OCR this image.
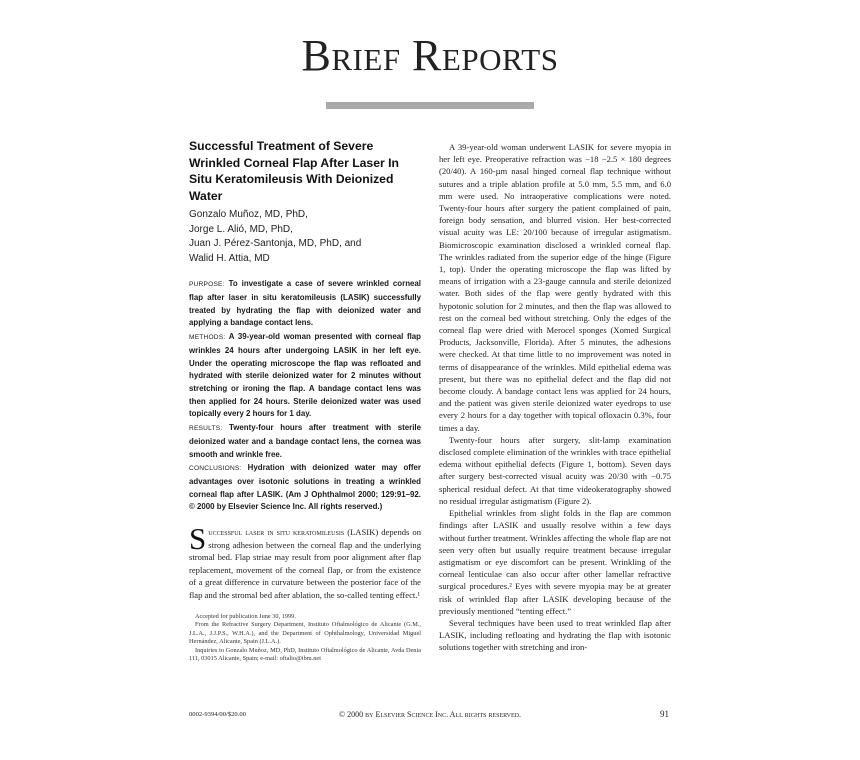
Brief Reports
Successful Treatment of Severe Wrinkled Corneal Flap After Laser In Situ Keratomileusis With Deionized Water
Gonzalo Muñoz, MD, PhD,
Jorge L. Alió, MD, PhD,
Juan J. Pérez-Santonja, MD, PhD, and
Walid H. Attia, MD

PURPOSE: To investigate a case of severe wrinkled corneal flap after laser in situ keratomileusis (LASIK) successfully treated by hydrating the flap with deionized water and applying a bandage contact lens.

METHODS: A 39-year-old woman presented with corneal flap wrinkles 24 hours after undergoing LASIK in her left eye. Under the operating microscope the flap was refloated and hydrated with sterile deionized water for 2 minutes without stretching or ironing the flap. A bandage contact lens was then applied for 24 hours. Sterile deionized water was used topically every 2 hours for 1 day.

RESULTS: Twenty-four hours after treatment with sterile deionized water and a bandage contact lens, the cornea was smooth and wrinkle free.

CONCLUSIONS: Hydration with deionized water may offer advantages over isotonic solutions in treating a wrinkled corneal flap after LASIK. (Am J Ophthalmol 2000; 129:91–92. © 2000 by Elsevier Science Inc. All rights reserved.)

Successful laser in situ keratomileusis (LASIK) depends on strong adhesion between the corneal flap and the underlying stromal bed. Flap striae may result from poor alignment after flap replacement, movement of the corneal flap, or from the existence of a great difference in curvature between the posterior face of the flap and the stromal bed after ablation, the so-called tenting effect.¹

Accepted for publication June 30, 1999.

From the Refractive Surgery Department, Instituto Oftalmológico de Alicante (G.M., J.L.A., J.J.P.S., W.H.A.), and the Department of Ophthalmology, Universidad Miguel Hernández, Alicante, Spain (J.L.A.).

Inquiries to Gonzalo Muñoz, MD, PhD, Instituto Oftalmológico de Alicante, Avda Denia 111, 03015 Alicante, Spain; e-mail: oftalio@ibm.net

A 39-year-old woman underwent LASIK for severe myopia in her left eye. Preoperative refraction was −18 −2.5 × 180 degrees (20/40). A 160-µm nasal hinged corneal flap technique without sutures and a triple ablation profile at 5.0 mm, 5.5 mm, and 6.0 mm were used. No intraoperative complications were noted. Twenty-four hours after surgery the patient complained of pain, foreign body sensation, and blurred vision. Her best-corrected visual acuity was LE: 20/100 because of irregular astigmatism. Biomicroscopic examination disclosed a wrinkled corneal flap. The wrinkles radiated from the superior edge of the hinge (Figure 1, top). Under the operating microscope the flap was lifted by means of irrigation with a 23-gauge cannula and sterile deionized water. Both sides of the flap were gently hydrated with this hypotonic solution for 2 minutes, and then the flap was allowed to rest on the corneal bed without stretching. Only the edges of the corneal flap were dried with Merocel sponges (Xomed Surgical Products, Jacksonville, Florida). After 5 minutes, the adhesions were checked. At that time little to no improvement was noted in terms of disappearance of the wrinkles. Mild epithelial edema was present, but there was no epithelial defect and the flap did not become cloudy. A bandage contact lens was applied for 24 hours, and the patient was given sterile deionized water eyedrops to use every 2 hours for a day together with topical ofloxacin 0.3%, four times a day.

Twenty-four hours after surgery, slit-lamp examination disclosed complete elimination of the wrinkles with trace epithelial edema without epithelial defects (Figure 1, bottom). Seven days after surgery best-corrected visual acuity was 20/30 with −0.75 spherical residual defect. At that time videokeratography showed no residual irregular astigmatism (Figure 2).

Epithelial wrinkles from slight folds in the flap are common findings after LASIK and usually resolve within a few days without further treatment. Wrinkles affecting the whole flap are not seen very often but usually require treatment because irregular astigmatism or eye discomfort can be present. Wrinkling of the corneal lenticulae can also occur after other lamellar refractive surgical procedures.² Eyes with severe myopia may be at greater risk of wrinkled flap after LASIK developing because of the previously mentioned “tenting effect.”

Several techniques have been used to treat wrinkled flap after LASIK, including refloating and hydrating the flap with isotonic solutions together with stretching and iron-

0002-9394/00/$20.00	© 2000 by Elsevier Science Inc. All rights reserved.	91
